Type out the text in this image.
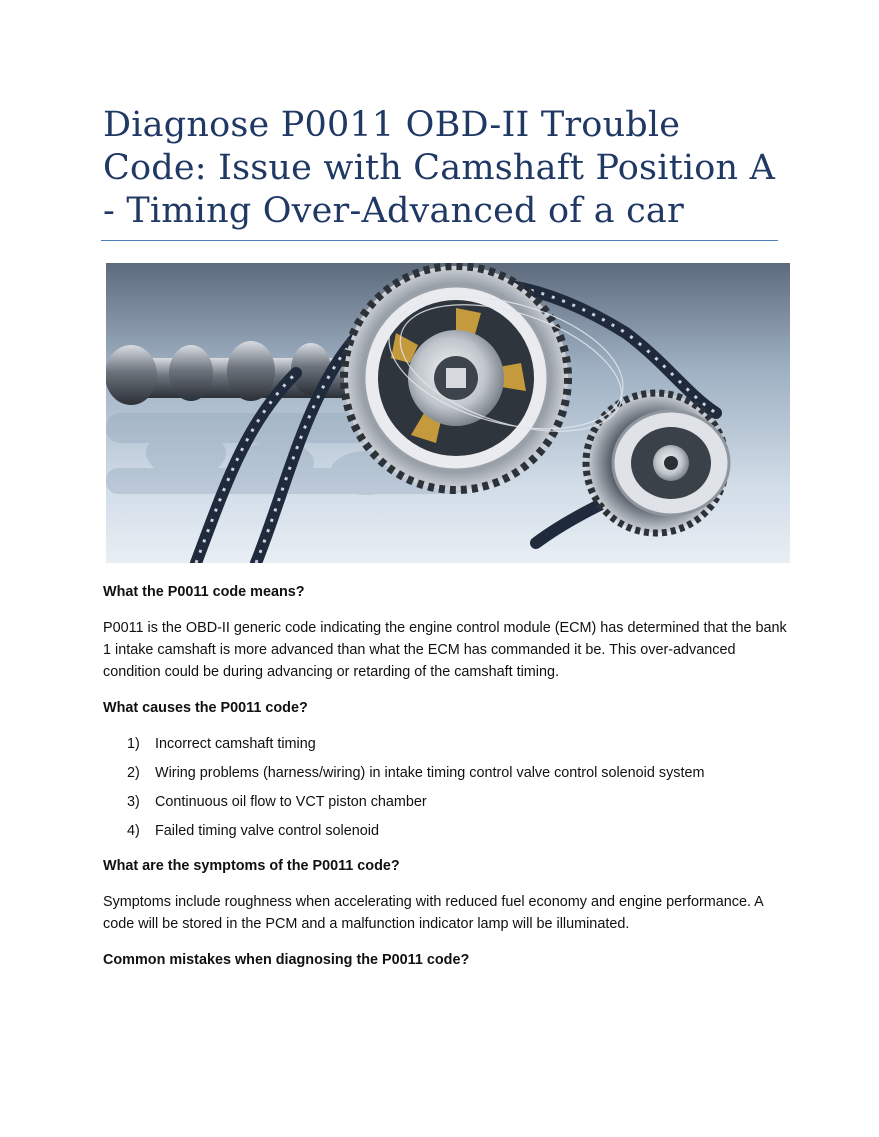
Diagnose P0011 OBD-II Trouble Code: Issue with Camshaft Position A - Timing Over-Advanced of a car

What the P0011 code means?

P0011 is the OBD-II generic code indicating the engine control module (ECM) has determined that the bank 1 intake camshaft is more advanced than what the ECM has commanded it be. This over-advanced condition could be during advancing or retarding of the camshaft timing.

What causes the P0011 code?

1)	Incorrect camshaft timing
2)	Wiring problems (harness/wiring) in intake timing control valve control solenoid system
3)	Continuous oil flow to VCT piston chamber
4)	Failed timing valve control solenoid

What are the symptoms of the P0011 code?

Symptoms include roughness when accelerating with reduced fuel economy and engine performance. A code will be stored in the PCM and a malfunction indicator lamp will be illuminated.

Common mistakes when diagnosing the P0011 code?
